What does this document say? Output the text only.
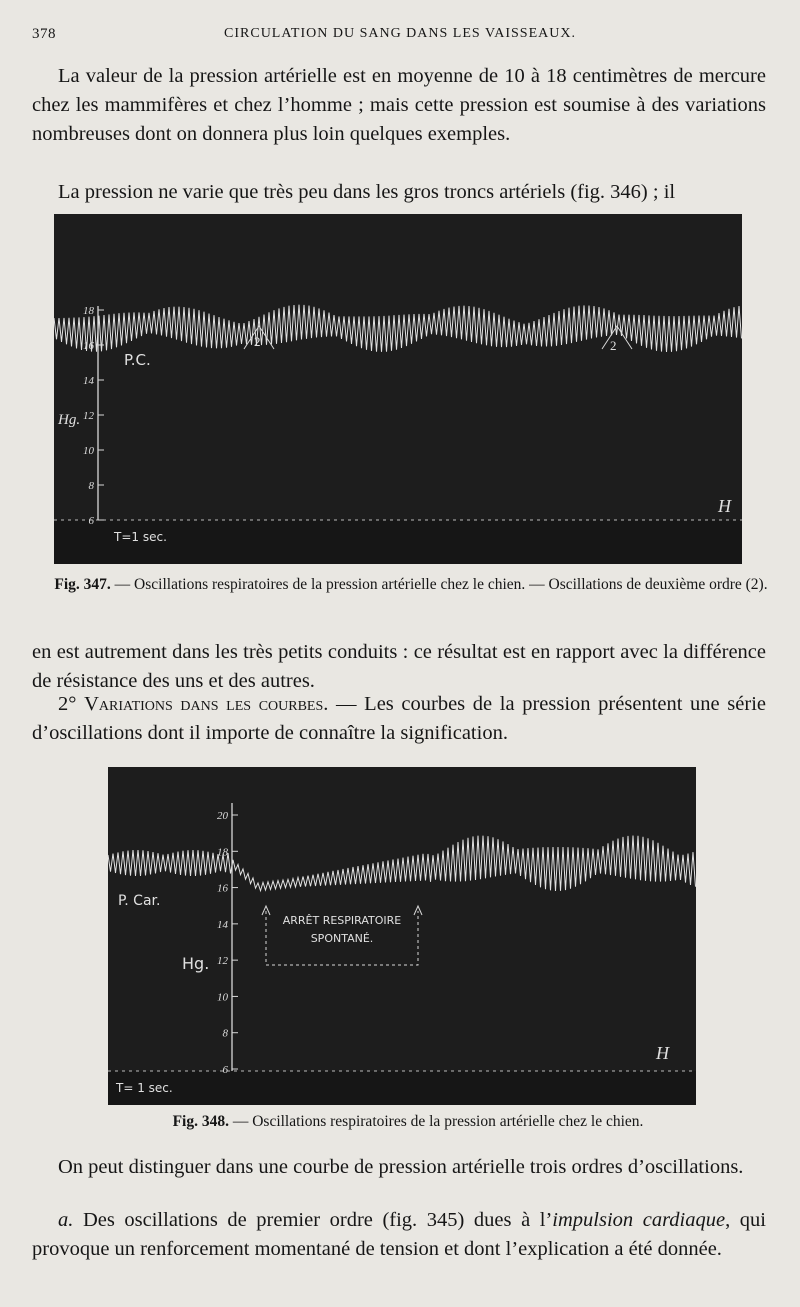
378	CIRCULATION DU SANG DANS LES VAISSEAUX.
La valeur de la pression artérielle est en moyenne de 10 à 18 centimètres de mercure chez les mammifères et chez l’homme ; mais cette pression est soumise à des variations nombreuses dont on donnera plus loin quelques exemples.
La pression ne varie que très peu dans les gros troncs artériels (fig. 346) ; il
2	2
P.C.
Hg.
18
16
14
12
10
8
6
T=1 sec.
H
Fig. 347. — Oscillations respiratoires de la pression artérielle chez le chien. — Oscillations de deuxième ordre (2).
en est autrement dans les très petits conduits : ce résultat est en rapport avec la différence de résistance des uns et des autres.
2° Variations dans les courbes. — Les courbes de la pression présentent une série d’oscillations dont il importe de connaître la signification.
20
18
16
14
12
10
8
6
P. Car.
Hg.
ARRÊT RESPIRATOIRE
SPONTANÉ.
T= 1 sec.
H
Fig. 348. — Oscillations respiratoires de la pression artérielle chez le chien.
On peut distinguer dans une courbe de pression artérielle trois ordres d’oscillations.
a. Des oscillations de premier ordre (fig. 345) dues à l’impulsion cardiaque, qui provoque un renforcement momentané de tension et dont l’explication a été donnée.
